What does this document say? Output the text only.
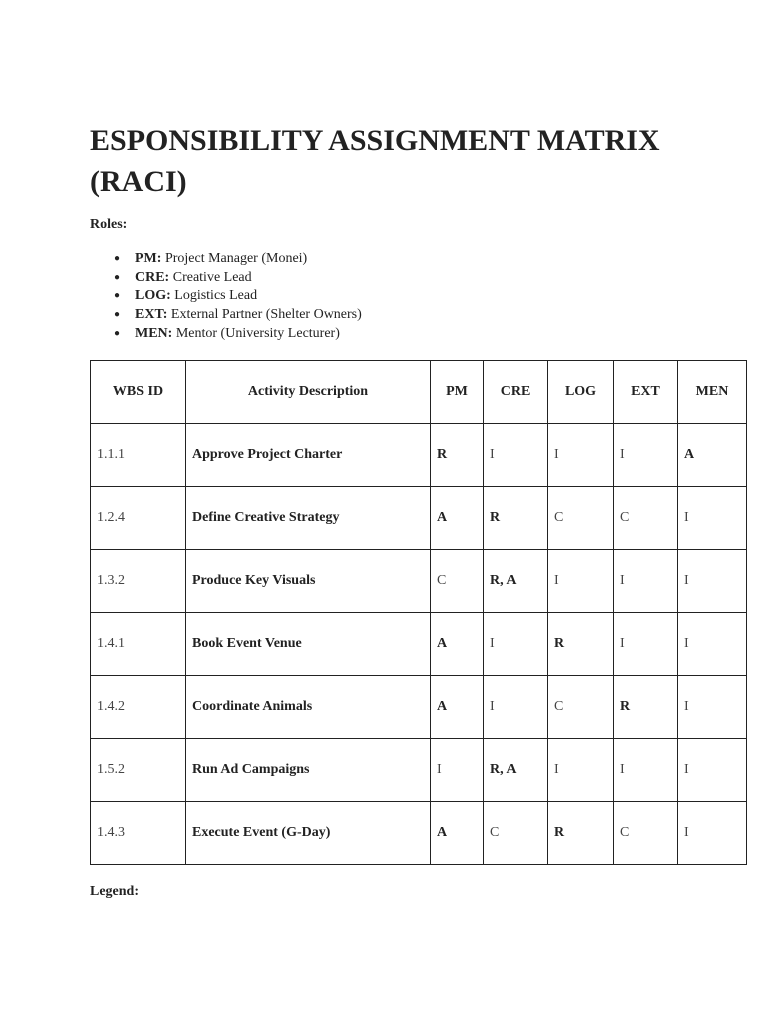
ESPONSIBILITY ASSIGNMENT MATRIX (RACI)

Roles:

● PM: Project Manager (Monei)
● CRE: Creative Lead
● LOG: Logistics Lead
● EXT: External Partner (Shelter Owners)
● MEN: Mentor (University Lecturer)
WBS ID	Activity Description	PM	CRE	LOG	EXT	MEN
1.1.1	Approve Project Charter	R	I	I	I	A
1.2.4	Define Creative Strategy	A	R	C	C	I
1.3.2	Produce Key Visuals	C	R, A	I	I	I
1.4.1	Book Event Venue	A	I	R	I	I
1.4.2	Coordinate Animals	A	I	C	R	I
1.5.2	Run Ad Campaigns	I	R, A	I	I	I
1.4.3	Execute Event (G-Day)	A	C	R	C	I

Legend:
